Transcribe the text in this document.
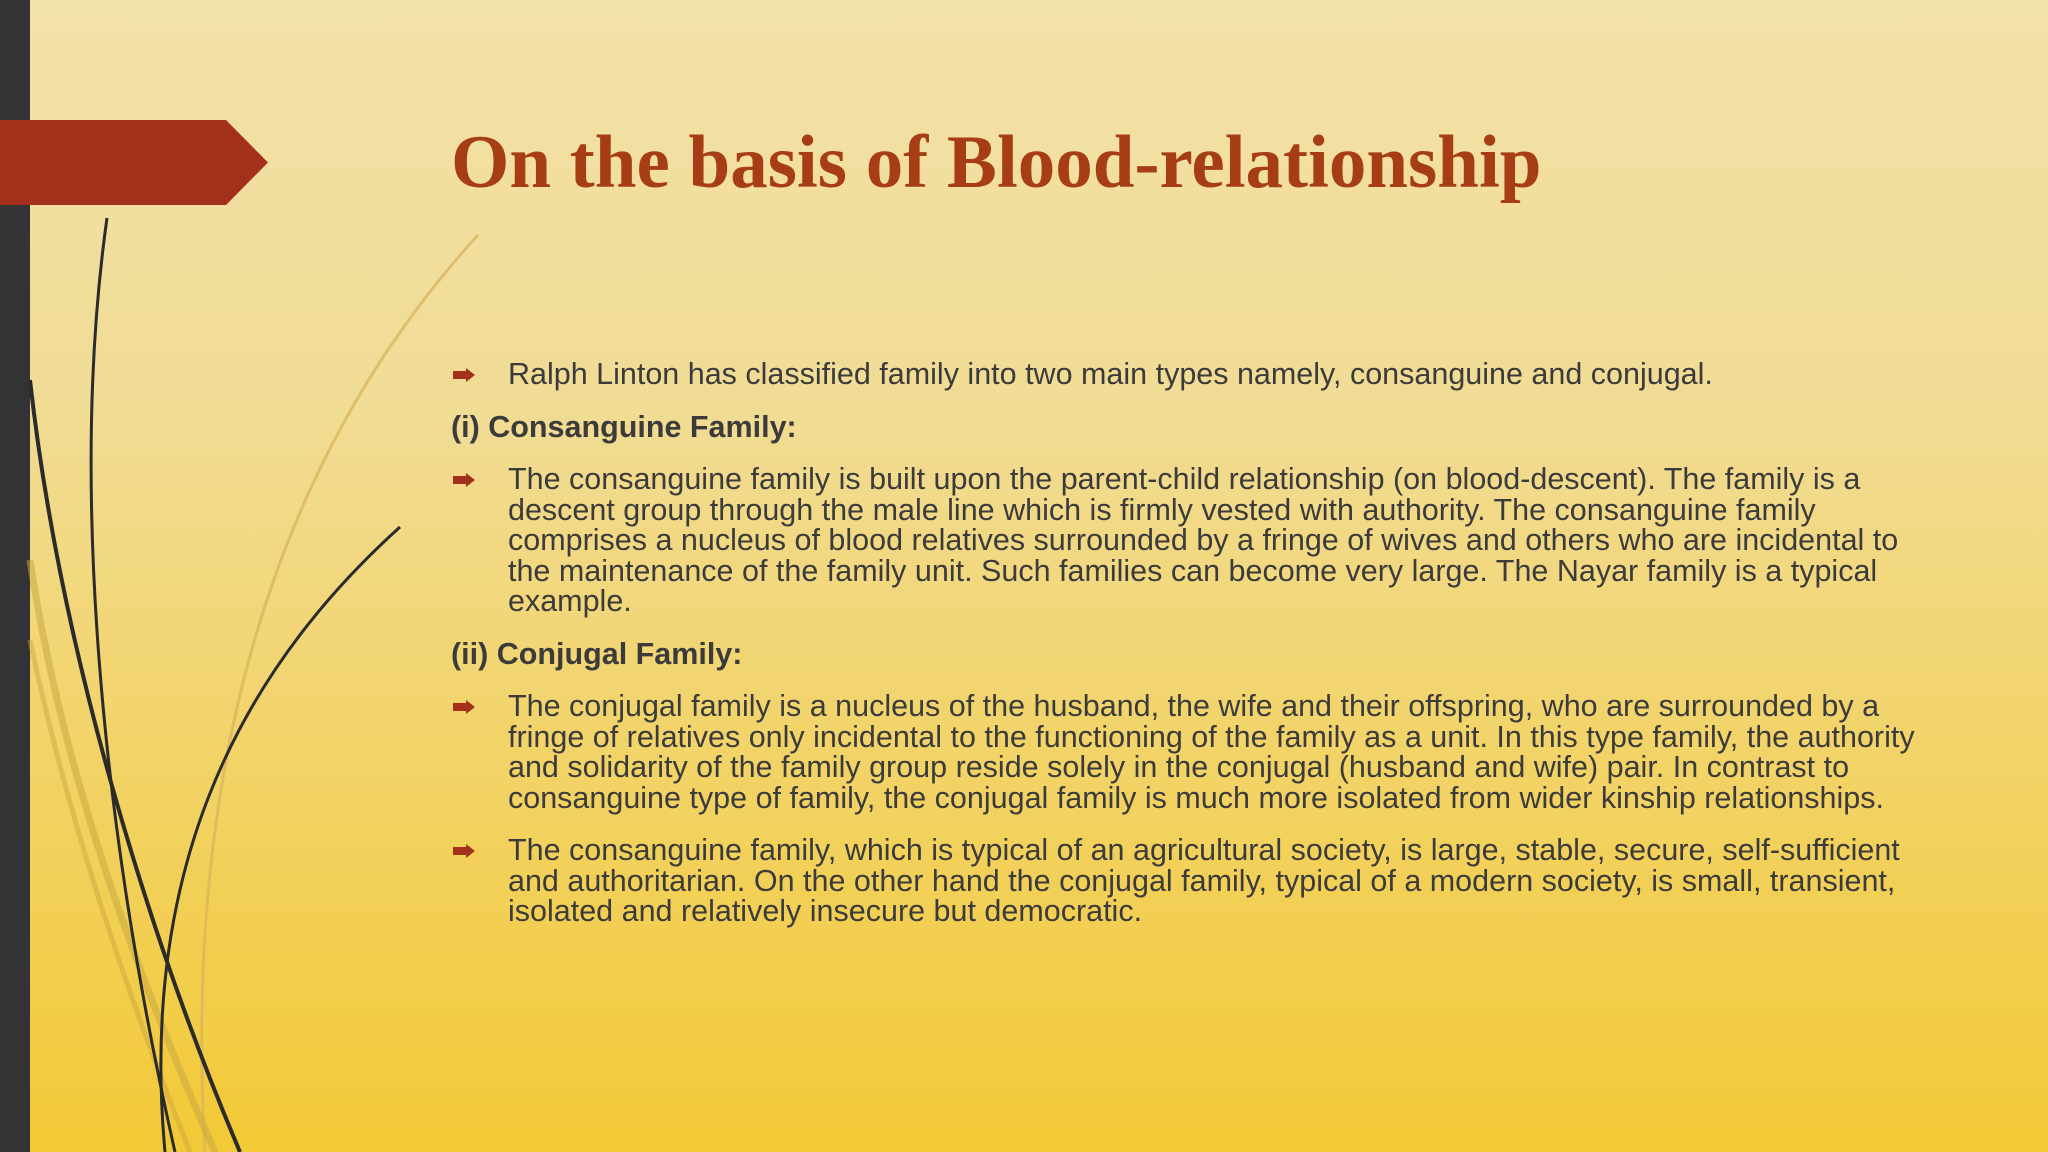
On the basis of Blood-relationship
Ralph Linton has classified family into two main types namely, consanguine and conjugal.
(i) Consanguine Family:
The consanguine family is built upon the parent-child relationship (on blood-descent). The family is a descent group through the male line which is firmly vested with authority. The consanguine family comprises a nucleus of blood relatives surrounded by a fringe of wives and others who are incidental to the maintenance of the family unit. Such families can become very large. The Nayar family is a typical example.
(ii) Conjugal Family:
The conjugal family is a nucleus of the husband, the wife and their offspring, who are surrounded by a fringe of relatives only incidental to the functioning of the family as a unit. In this type family, the authority and solidarity of the family group reside solely in the conjugal (husband and wife) pair. In contrast to consanguine type of family, the conjugal family is much more isolated from wider kinship relationships.
The consanguine family, which is typical of an agricultural society, is large, stable, secure, self-sufficient and authoritarian. On the other hand the conjugal family, typical of a modern society, is small, transient, isolated and relatively insecure but democratic.
